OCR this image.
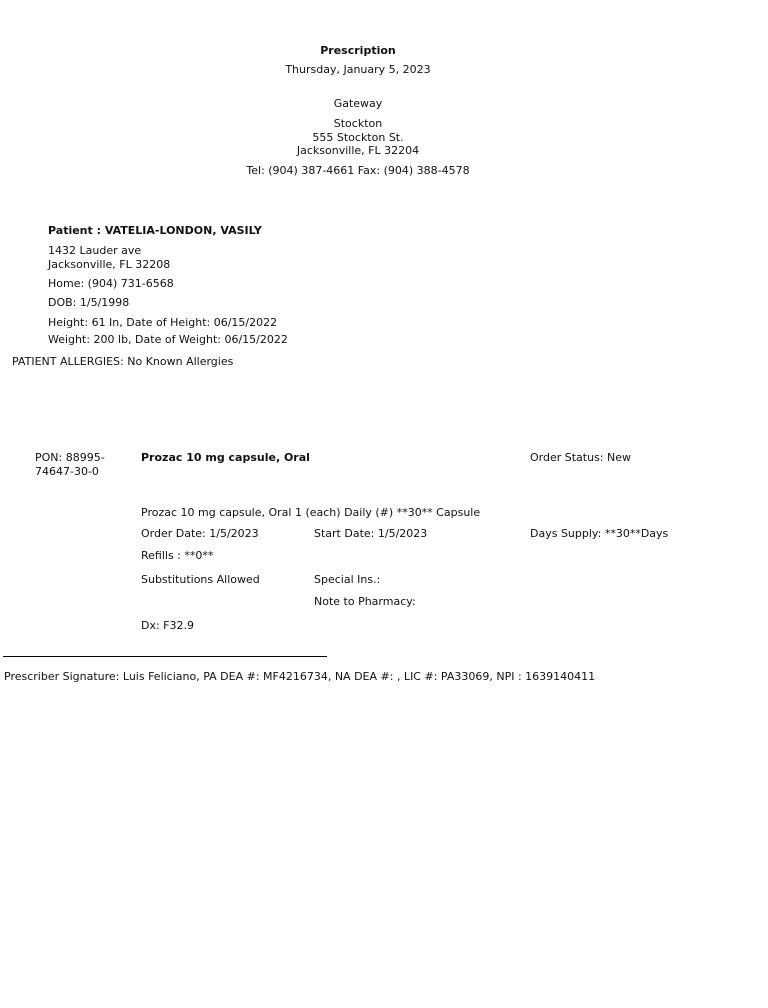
Prescription
Thursday, January 5, 2023
Gateway
Stockton
555 Stockton St.
Jacksonville, FL 32204
Tel: (904) 387-4661 Fax: (904) 388-4578
Patient : VATELIA-LONDON, VASILY
1432 Lauder ave
Jacksonville, FL 32208
Home: (904) 731-6568
DOB: 1/5/1998
Height: 61 In, Date of Height: 06/15/2022
Weight: 200 lb, Date of Weight: 06/15/2022
PATIENT ALLERGIES: No Known Allergies
PON: 88995-
74647-30-0
Prozac 10 mg capsule, Oral	Order Status: New
Prozac 10 mg capsule, Oral 1 (each) Daily (#) **30** Capsule
Order Date: 1/5/2023	Start Date: 1/5/2023	Days Supply: **30**Days
Refills : **0**
Substitutions Allowed	Special Ins.:
Note to Pharmacy:
Dx: F32.9
Prescriber Signature: Luis Feliciano, PA DEA #: MF4216734, NA DEA #: , LIC #: PA33069, NPI : 1639140411
